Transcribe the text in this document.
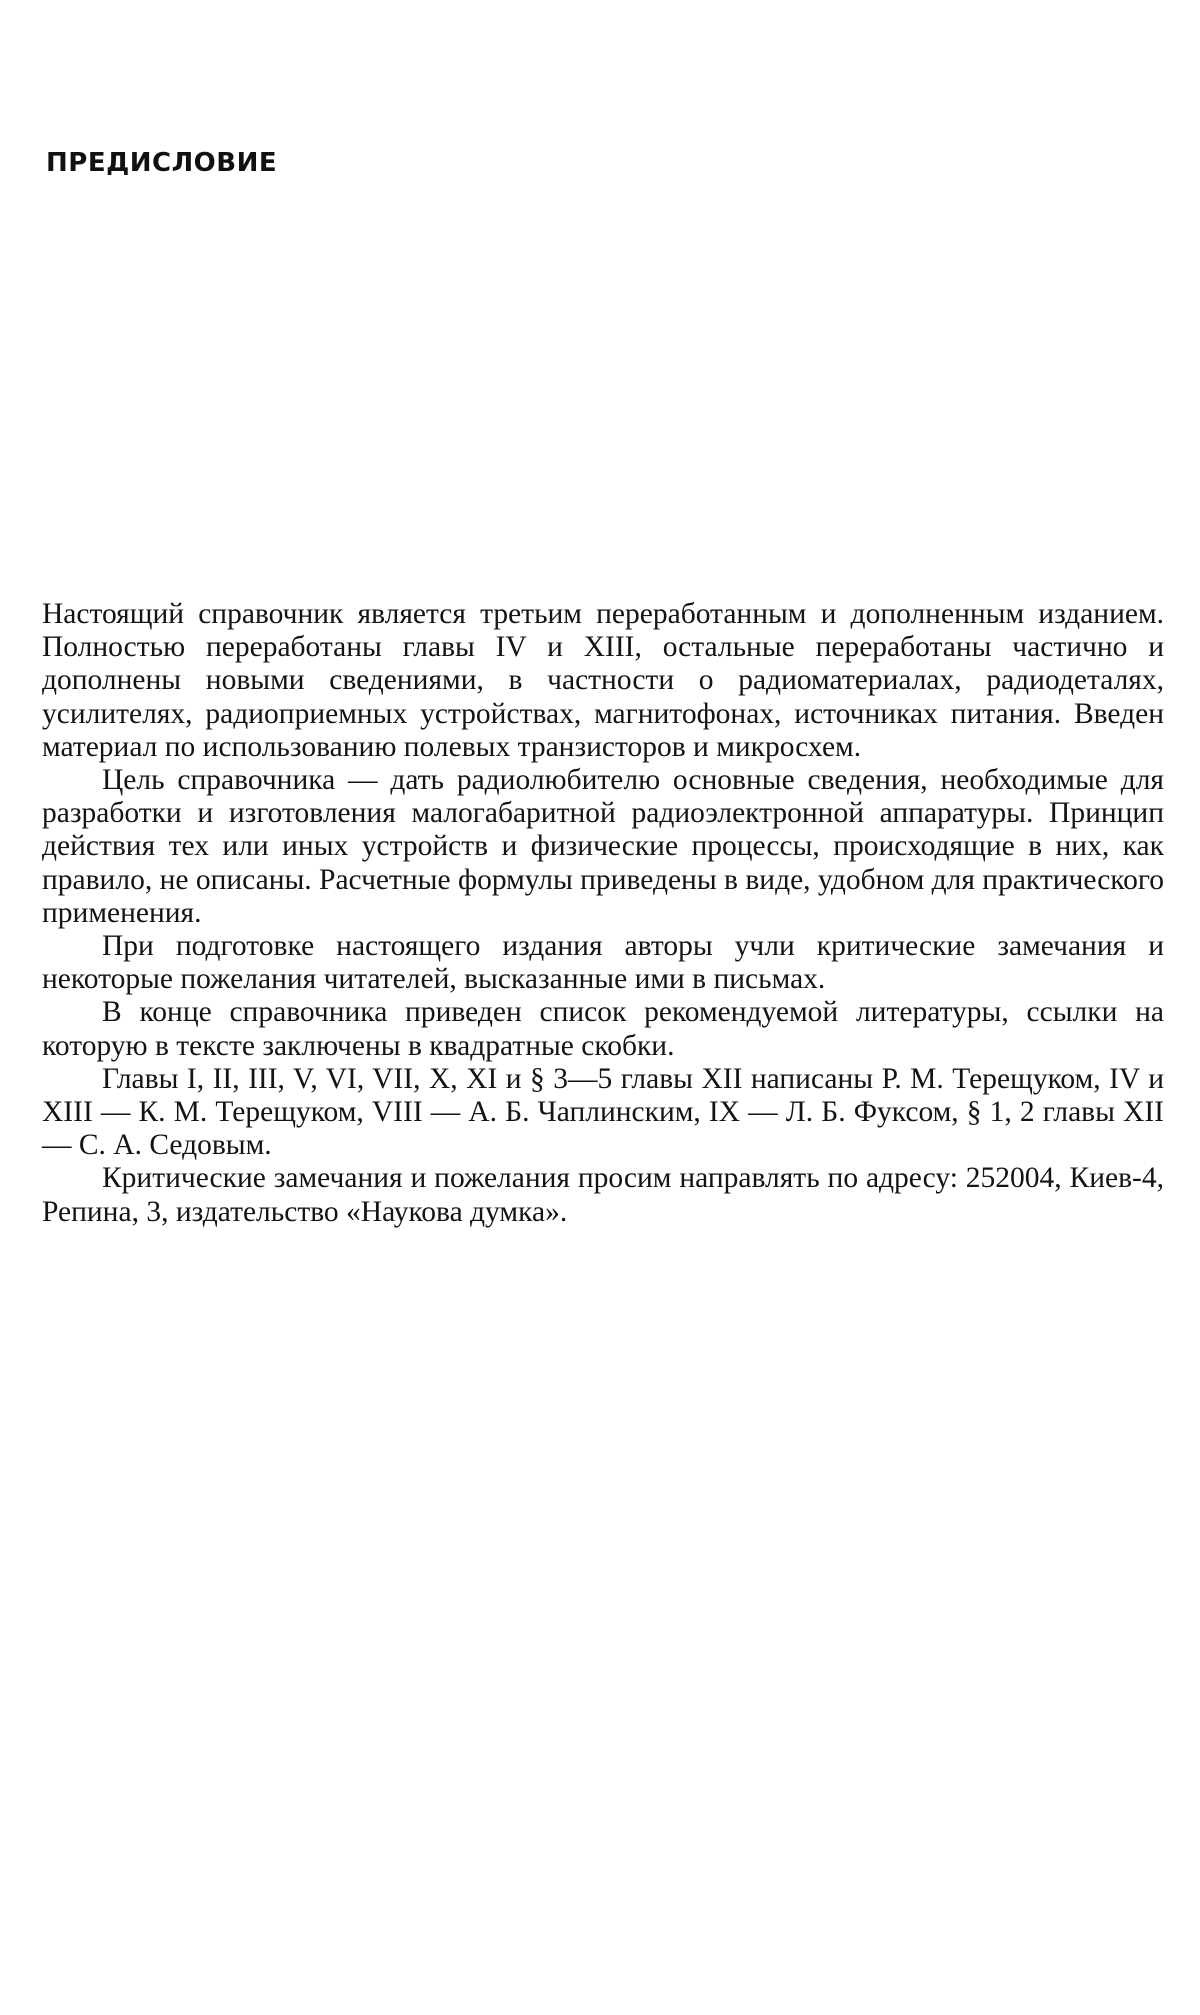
ПРЕДИСЛОВИЕ

Настоящий справочник является третьим переработанным и дополненным изданием. Полностью переработаны главы IV и XIII, остальные переработаны частично и дополнены новыми сведениями, в частности о радиоматериалах, радиодеталях, усилителях, радиоприемных устройствах, магнитофонах, источниках питания. Введен материал по использованию полевых транзисторов и микросхем.

Цель справочника — дать радиолюбителю основные сведения, необходимые для разработки и изготовления малогабаритной радиоэлектронной аппаратуры. Принцип действия тех или иных устройств и физические процессы, происходящие в них, как правило, не описаны. Расчетные формулы приведены в виде, удобном для практического применения.

При подготовке настоящего издания авторы учли критические замечания и некоторые пожелания читателей, высказанные ими в письмах.

В конце справочника приведен список рекомендуемой литературы, ссылки на которую в тексте заключены в квадратные скобки.

Главы I, II, III, V, VI, VII, X, XI и § 3—5 главы XII написаны Р. М. Терещуком, IV и XIII — К. М. Терещуком, VIII — А. Б. Чаплинским, IX — Л. Б. Фуксом, § 1, 2 главы XII — С. А. Седовым.

Критические замечания и пожелания просим направлять по адресу: 252004, Киев-4, Репина, 3, издательство «Наукова думка».
